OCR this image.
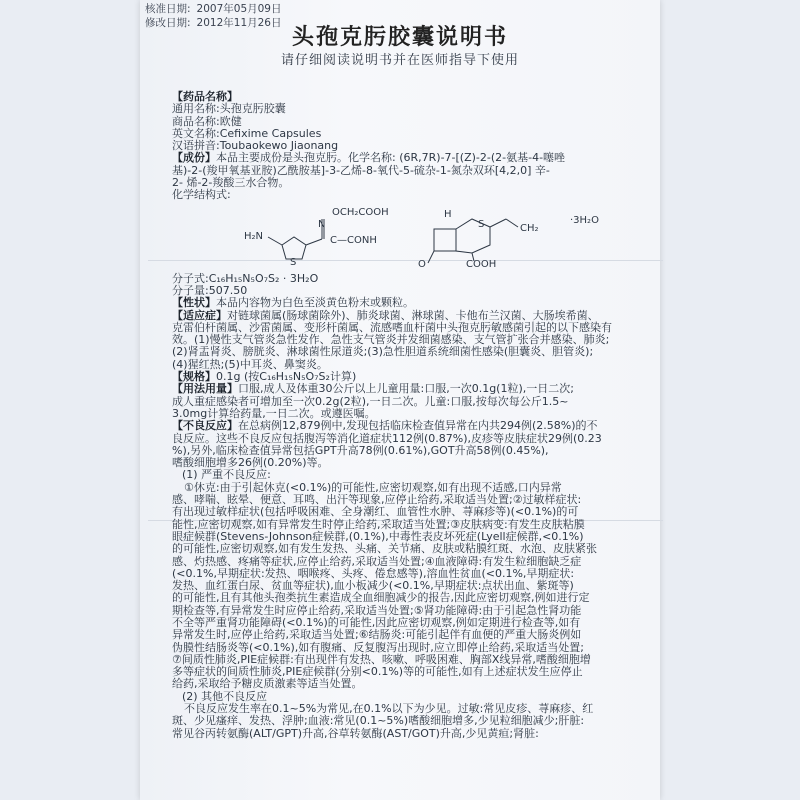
核准日期: 2007年05月09日
修改日期: 2012年11月26日
头孢克肟胶囊说明书
请仔细阅读说明书并在医师指导下使用

【药品名称】

通用名称:头孢克肟胶囊

商品名称:欧健

英文名称:Cefixime Capsules

汉语拼音:Toubaokewo Jiaonang

【成份】本品主要成份是头孢克肟。化学名称: (6R,7R)-7-[(Z)-2-(2-氨基-4-噻唑

基)-2-(羧甲氧基亚胺)乙酰胺基]-3-乙烯-8-氧代-5-硫杂-1-氮杂双环[4,2,0] 辛-

2- 烯-2-羧酸三水合物。

化学结构式:

OCH₂COOH
N
H₂N
S
C—CONH
H
S
COOH
CH₂
·3H₂O
O

分子式:C₁₆H₁₅N₅O₇S₂ · 3H₂O

分子量:507.50

【性状】本品内容物为白色至淡黄色粉末或颗粒。

【适应症】对链球菌属(肠球菌除外)、肺炎球菌、淋球菌、卡他布兰汉菌、大肠埃希菌、

克雷伯杆菌属、沙雷菌属、变形杆菌属、流感嗜血杆菌中头孢克肟敏感菌引起的以下感染有

效。(1)慢性支气管炎急性发作、急性支气管炎并发细菌感染、支气管扩张合并感染、肺炎;

(2)肾盂肾炎、膀胱炎、淋球菌性尿道炎;(3)急性胆道系统细菌性感染(胆囊炎、胆管炎);

(4)猩红热;(5)中耳炎、鼻窦炎。

【规格】0.1g (按C₁₆H₁₅N₅O₇S₂计算)

【用法用量】口服,成人及体重30公斤以上儿童用量:口服,一次0.1g(1粒),一日二次;

成人重症感染者可增加至一次0.2g(2粒),一日二次。儿童:口服,按每次每公斤1.5~

3.0mg计算给药量,一日二次。或遵医嘱。

【不良反应】在总病例12,879例中,发现包括临床检查值异常在内共294例(2.58%)的不

良反应。这些不良反应包括腹泻等消化道症状112例(0.87%),皮疹等皮肤症状29例(0.23

%),另外,临床检查值异常包括GPT升高78例(0.61%),GOT升高58例(0.45%),

嗜酸细胞增多26例(0.20%)等。

(1) 严重不良反应:

①休克:由于引起休克(<0.1%)的可能性,应密切观察,如有出现不适感,口内异常

感、哮喘、眩晕、便意、耳鸣、出汗等现象,应停止给药,采取适当处置;②过敏样症状:

有出现过敏样症状(包括呼吸困难、全身潮红、血管性水肿、荨麻疹等)(<0.1%)的可

能性,应密切观察,如有异常发生时停止给药,采取适当处置;③皮肤病变:有发生皮肤粘膜

眼症候群(Stevens-Johnson症候群,(0.1%),中毒性表皮坏死症(Lyell症候群,<0.1%)

的可能性,应密切观察,如有发生发热、头痛、关节痛、皮肤或粘膜红斑、水泡、皮肤紧张

感、灼热感、疼痛等症状,应停止给药,采取适当处置;④血液障碍:有发生粒细胞缺乏症

(<0.1%,早期症状:发热、咽喉疼、头疼、倦怠感等),溶血性贫血(<0.1%,早期症状:

发热、血红蛋白尿、贫血等症状),血小板减少(<0.1%,早期症状:点状出血、紫斑等)

的可能性,且有其他头孢类抗生素造成全血细胞减少的报告,因此应密切观察,例如进行定

期检查等,有异常发生时应停止给药,采取适当处置;⑤肾功能障碍:由于引起急性肾功能

不全等严重肾功能障碍(<0.1%)的可能性,因此应密切观察,例如定期进行检查等,如有

异常发生时,应停止给药,采取适当处置;⑥结肠炎:可能引起伴有血便的严重大肠炎例如

伪膜性结肠炎等(<0.1%),如有腹痛、反复腹泻出现时,应立即停止给药,采取适当处置;

⑦间质性肺炎,PIE症候群:有出现伴有发热、咳嗽、呼吸困难、胸部X线异常,嗜酸细胞增

多等症状的间质性肺炎,PIE症候群(分别<0.1%)等的可能性,如有上述症状发生应停止

给药,采取给予糖皮质激素等适当处置。

(2) 其他不良反应

不良反应发生率在0.1~5%为常见,在0.1%以下为少见。过敏:常见皮疹、荨麻疹、红

斑、少见瘙痒、发热、浮肿;血液:常见(0.1~5%)嗜酸细胞增多,少见粒细胞减少;肝脏:

常见谷丙转氨酶(ALT/GPT)升高,谷草转氨酶(AST/GOT)升高,少见黄疸;肾脏:
